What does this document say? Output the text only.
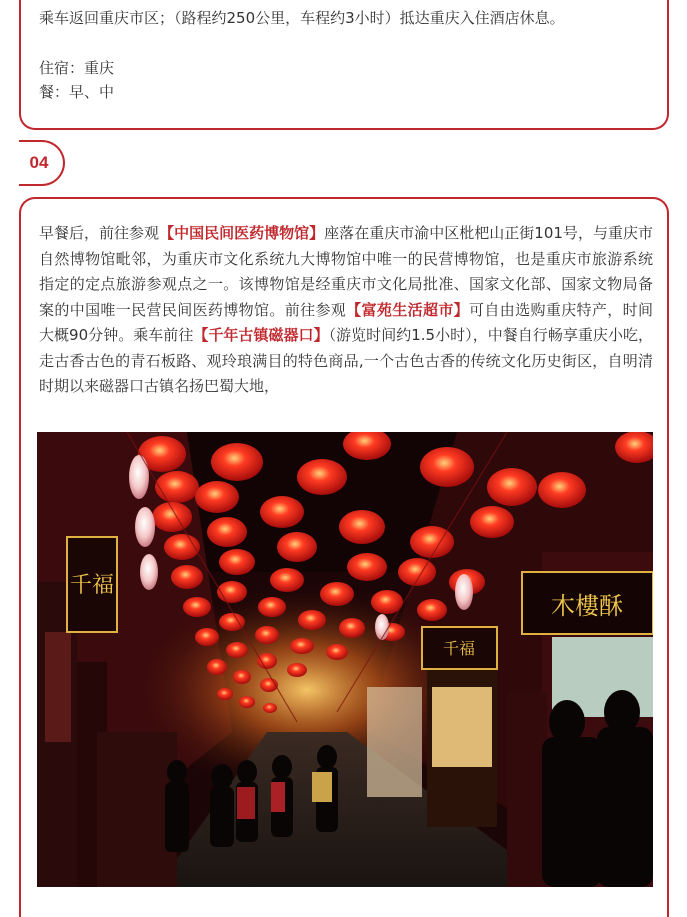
乘车返回重庆市区；（路程约250公里，车程约3小时）抵达重庆入住酒店休息。
住宿：重庆
餐：早、中
04
早餐后，前往参观【中国民间医药博物馆】座落在重庆市渝中区枇杷山正街101号，与重庆市自然博物馆毗邻，为重庆市文化系统九大博物馆中唯一的民营博物馆，也是重庆市旅游系统指定的定点旅游参观点之一。该博物馆是经重庆市文化局批准、国家文化部、国家文物局备案的中国唯一民营民间医药博物馆。前往参观【富苑生活超市】可自由选购重庆特产，时间大概90分钟。乘车前往【千年古镇磁器口】（游览时间约1.5小时），中餐自行畅享重庆小吃，走古香古色的青石板路、观玲琅满目的特色商品,一个古色古香的传统文化历史街区，自明清时期以来磁器口古镇名扬巴蜀大地，
千福
千福
木樓酥
